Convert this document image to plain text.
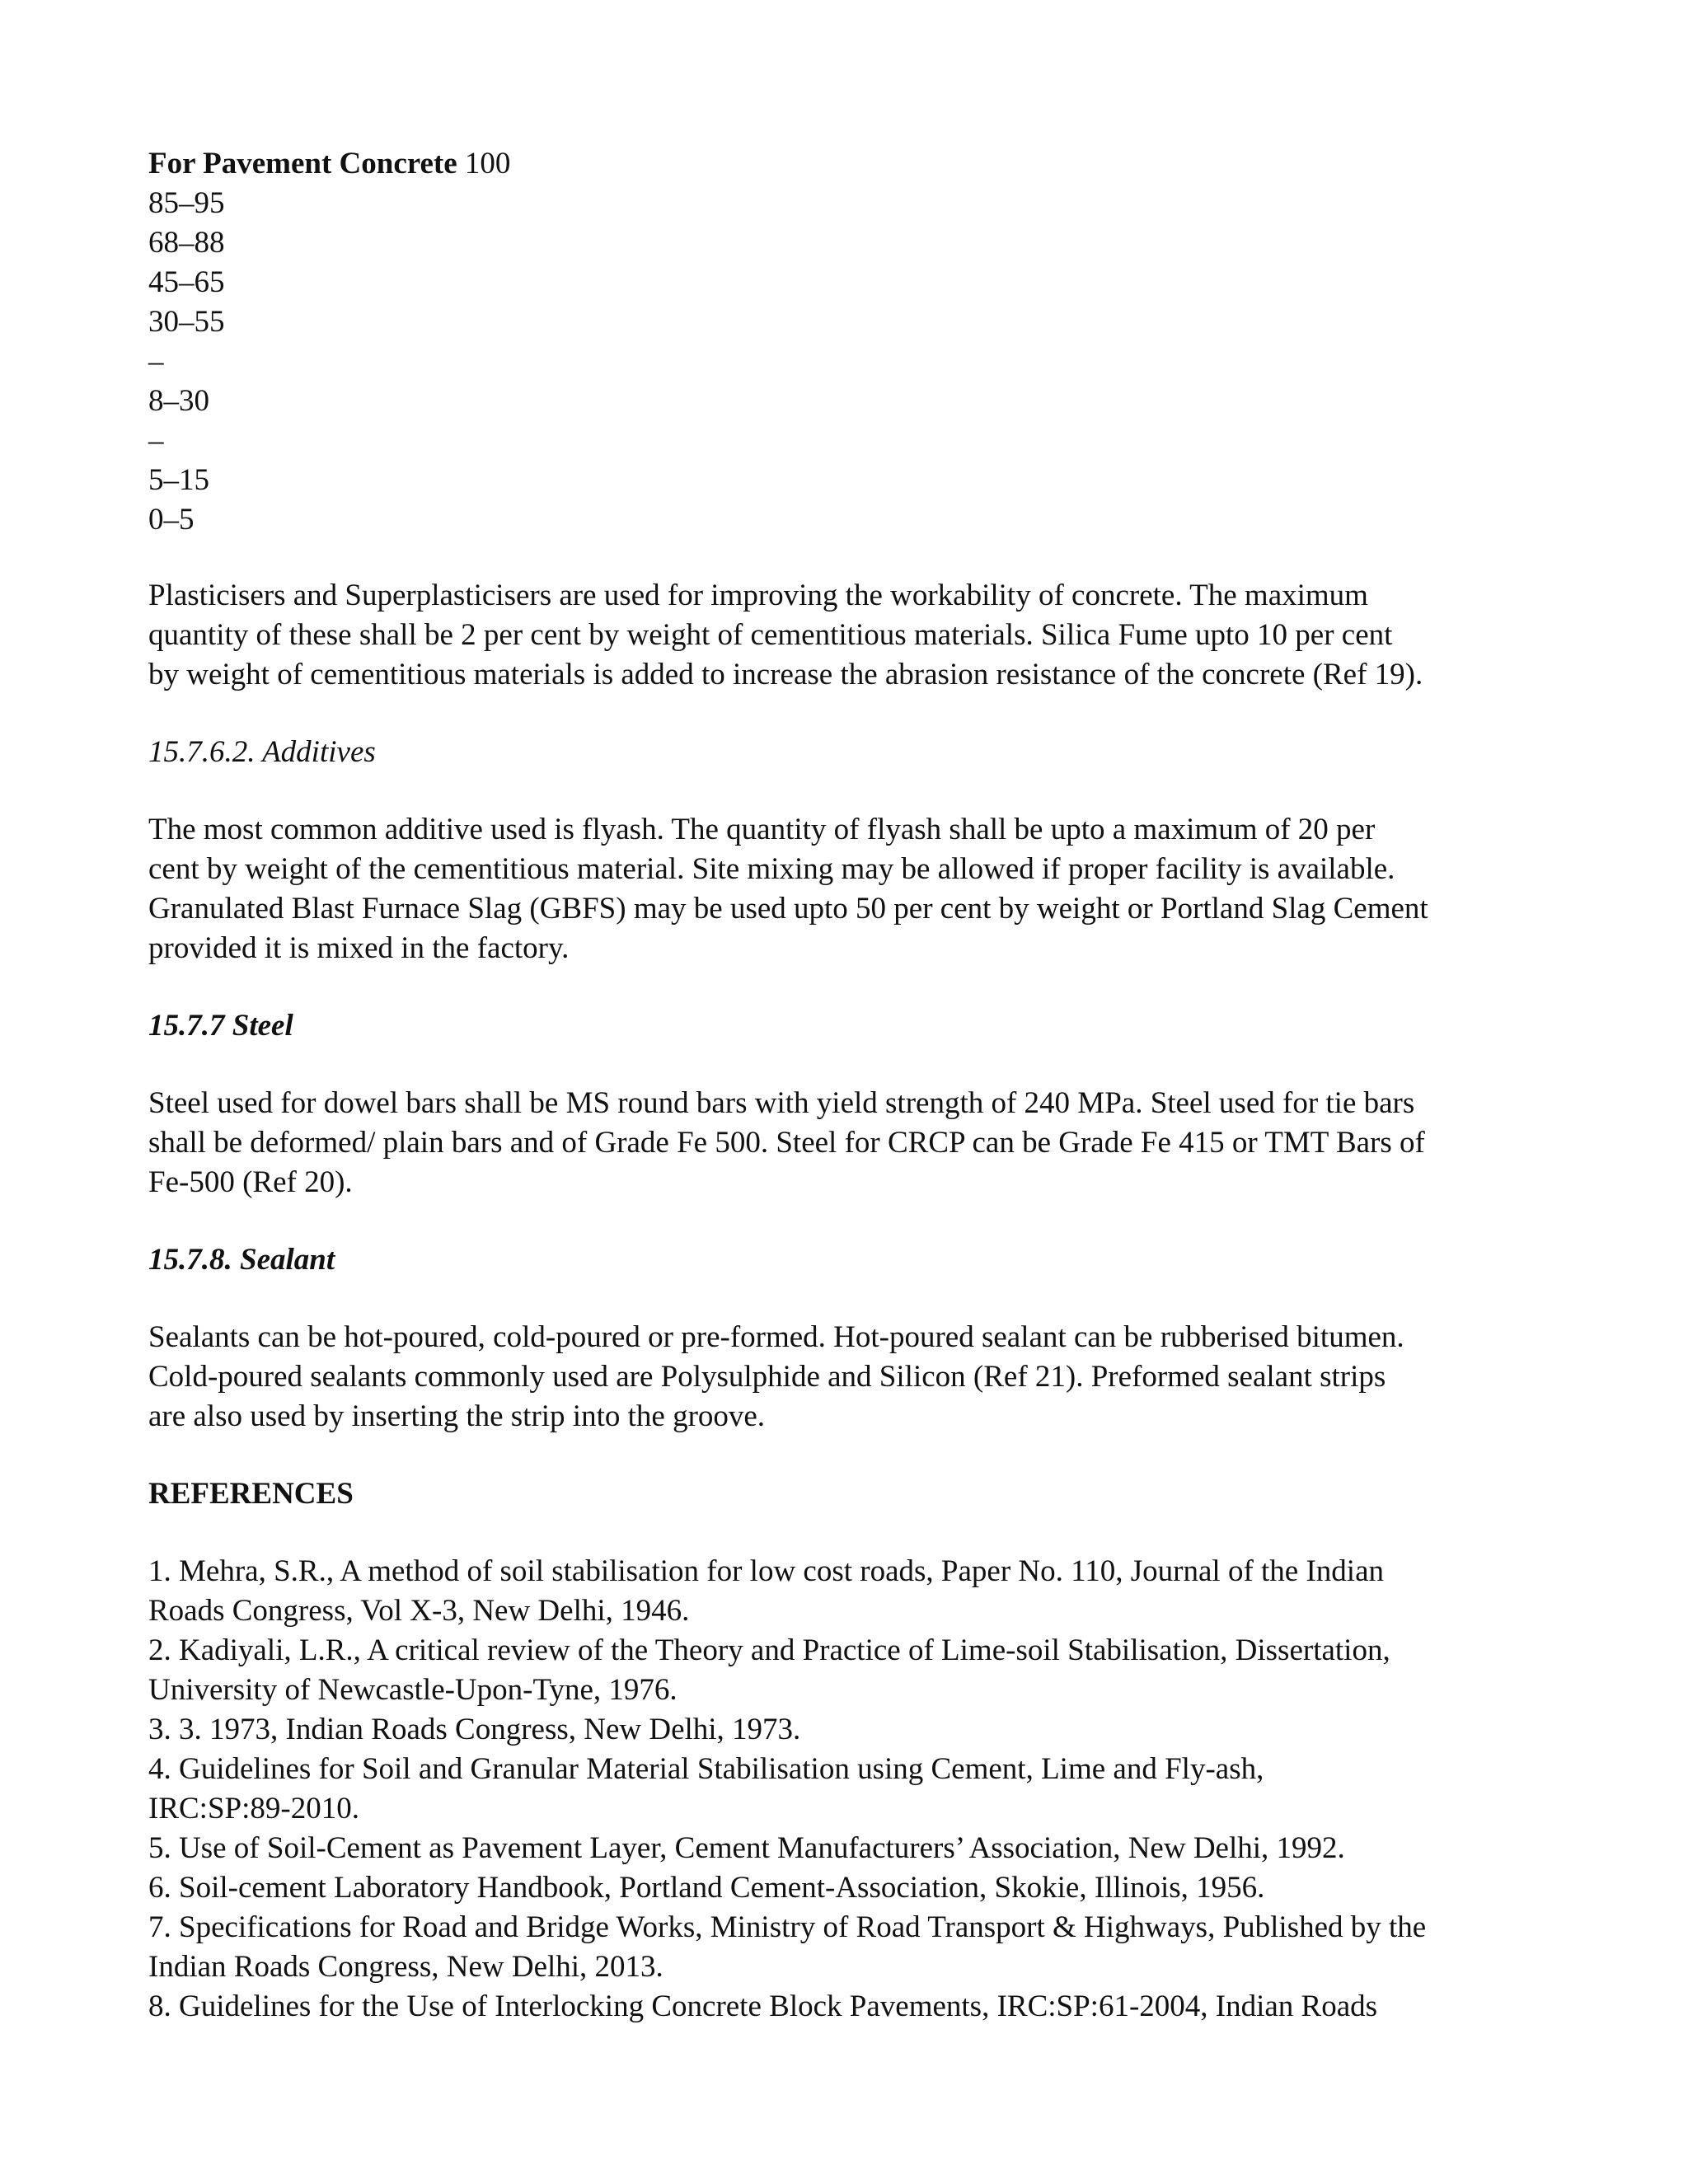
For Pavement Concrete 100
85–95
68–88
45–65
30–55
–
8–30
–
5–15
0–5
Plasticisers and Superplasticisers are used for improving the workability of concrete. The maximum
quantity of these shall be 2 per cent by weight of cementitious materials. Silica Fume upto 10 per cent
by weight of cementitious materials is added to increase the abrasion resistance of the concrete (Ref 19).
15.7.6.2. Additives
The most common additive used is flyash. The quantity of flyash shall be upto a maximum of 20 per
cent by weight of the cementitious material. Site mixing may be allowed if proper facility is available.
Granulated Blast Furnace Slag (GBFS) may be used upto 50 per cent by weight or Portland Slag Cement
provided it is mixed in the factory.
15.7.7 Steel
Steel used for dowel bars shall be MS round bars with yield strength of 240 MPa. Steel used for tie bars
shall be deformed/ plain bars and of Grade Fe 500. Steel for CRCP can be Grade Fe 415 or TMT Bars of
Fe-500 (Ref 20).
15.7.8. Sealant
Sealants can be hot-poured, cold-poured or pre-formed. Hot-poured sealant can be rubberised bitumen.
Cold-poured sealants commonly used are Polysulphide and Silicon (Ref 21). Preformed sealant strips
are also used by inserting the strip into the groove.
REFERENCES
1. Mehra, S.R., A method of soil stabilisation for low cost roads, Paper No. 110, Journal of the Indian
Roads Congress, Vol X-3, New Delhi, 1946.
2. Kadiyali, L.R., A critical review of the Theory and Practice of Lime-soil Stabilisation, Dissertation,
University of Newcastle-Upon-Tyne, 1976.
3. 3. 1973, Indian Roads Congress, New Delhi, 1973.
4. Guidelines for Soil and Granular Material Stabilisation using Cement, Lime and Fly-ash,
IRC:SP:89-2010.
5. Use of Soil-Cement as Pavement Layer, Cement Manufacturers’ Association, New Delhi, 1992.
6. Soil-cement Laboratory Handbook, Portland Cement-Association, Skokie, Illinois, 1956.
7. Specifications for Road and Bridge Works, Ministry of Road Transport & Highways, Published by the
Indian Roads Congress, New Delhi, 2013.
8. Guidelines for the Use of Interlocking Concrete Block Pavements, IRC:SP:61-2004, Indian Roads
